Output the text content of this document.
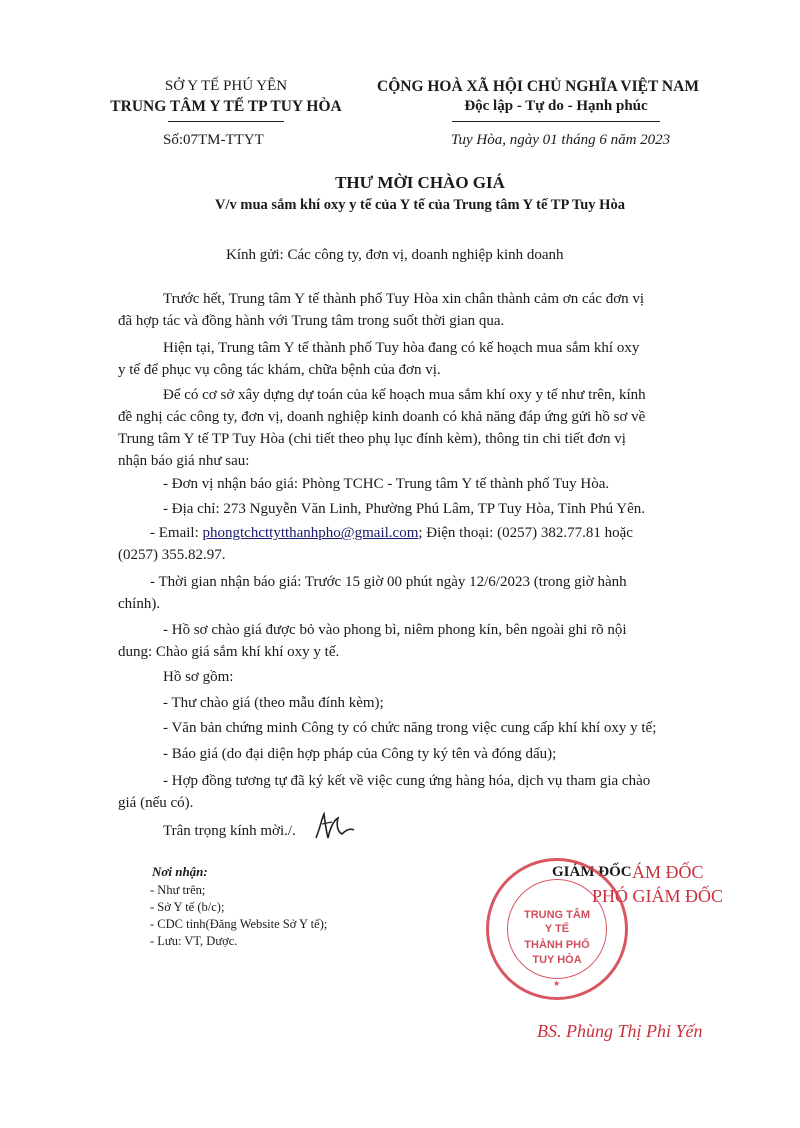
SỞ Y TẾ PHÚ YÊN
TRUNG TÂM Y TẾ TP TUY HÒA
Số:07TM-TTYT
CỘNG HOÀ XÃ HỘI CHỦ NGHĨA VIỆT NAM
Độc lập - Tự do - Hạnh phúc
Tuy Hòa, ngày 01 tháng 6 năm 2023
THƯ MỜI CHÀO GIÁ
V/v mua sắm khí oxy y tế của Y tế của Trung tâm Y tế TP Tuy Hòa
Kính gửi: Các công ty, đơn vị, doanh nghiệp kinh doanh
Trước hết, Trung tâm Y tế thành phố Tuy Hòa xin chân thành cảm ơn các đơn vị
đã hợp tác và đồng hành với Trung tâm trong suốt thời gian qua.
Hiện tại, Trung tâm Y tế thành phố Tuy hòa đang có kế hoạch mua sắm khí oxy
y tế để phục vụ công tác khám, chữa bệnh của đơn vị.
Để có cơ sở xây dựng dự toán của kế hoạch mua sắm khí oxy y tế như trên, kính
đề nghị các công ty, đơn vị, doanh nghiệp kinh doanh có khả năng đáp ứng gửi hồ sơ về
Trung tâm Y tế TP Tuy Hòa (chi tiết theo phụ lục đính kèm), thông tin chi tiết đơn vị
nhận báo giá như sau:
- Đơn vị nhận báo giá: Phòng TCHC - Trung tâm Y tế thành phố Tuy Hòa.
- Địa chỉ: 273 Nguyễn Văn Linh, Phường Phú Lâm, TP Tuy Hòa, Tỉnh Phú Yên.
- Email: phongtchcttytthanhpho@gmail.com; Điện thoại: (0257) 382.77.81 hoặc
(0257) 355.82.97.
- Thời gian nhận báo giá: Trước 15 giờ 00 phút ngày 12/6/2023 (trong giờ hành
chính).
- Hồ sơ chào giá được bỏ vào phong bì, niêm phong kín, bên ngoài ghi rõ nội
dung: Chào giá sắm khí khí oxy y tế.
Hồ sơ gồm:
- Thư chào giá (theo mẫu đính kèm);
- Văn bản chứng minh Công ty có chức năng trong việc cung cấp khí khí oxy y tế;
- Báo giá (do đại diện hợp pháp của Công ty ký tên và đóng dấu);
- Hợp đồng tương tự đã ký kết về việc cung ứng hàng hóa, dịch vụ tham gia chào
giá (nếu có).
Trân trọng kính mời./.
Nơi nhận:
- Như trên;
- Sở Y tế (b/c);
- CDC tỉnh(Đăng Website Sở Y tế);
- Lưu: VT, Dược.
GIÁM ĐỐC ÁM ĐỐC
PHÓ GIÁM ĐỐC
TRUNG TÂM
Y TẾ
THÀNH PHỐ
TUY HÒA
★
BS. Phùng Thị Phi Yến
